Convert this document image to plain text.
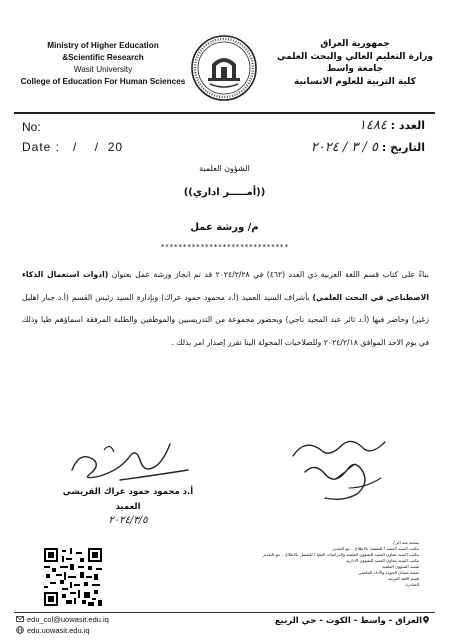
Ministry of Higher Education
&Scientific Research
Wasit University
College of Education For Human Sciences
جمهورية العراق
وزارة التعليم العالي والبحث العلمي
جامعة واسط
كلية التربية للعلوم الانسانية
No:
Date : / / 20
العدد : ١٤٨٤
التاريخ : ٥ / ٣ / ٢٠٢٤
الشؤون العلمية
((أمـــــر اداري))
م/ ورشة عمل
*****************************
بناءً على كتاب قسم اللغة العربية ذي العدد (٤٦٢) في ٢٠٢٤/٢/٢٨ قد تم انجاز ورشة عمل بعنوان (ادوات استعمال الذكاء الاصطناعي في البحث العلمي) بأشراف السيد العميد (أ.د محمود حمود عراك) وبإدارة السيد رئيس القسم (أ.د جبار اهليل زغير) وحاضر فيها (أ.د ثائر عبد المجيد ناجي) وبحضور مجموعة من التدريسيين والموظفين والطلبة المرفقة اسماؤهم طيا وذلك في يوم الاحد الموافق ٢٠٢٤/٢/١٨ وللصلاحيات المخولة الينا تقرر إصدار امر بذلك .
أ.د محمود حمود عراك القريشي
العميد
٢٠٢٤/٣/٥
نسخة منه الى/
مكتب السيد العميد / للتفضل بالاطلاع .. مع التقدير
مكتب السيد معاون العميد للشؤون العلمية والدراسات العليا / للتفضل بالاطلاع .. مع التقدير
مكتب السيد معاون العميد للشؤون الادارية
شعبة الشؤون العلمية
شعبة ضمان الجودة والأداء الجامعي
قسم اللغة العربية
الصادرة
edu_col@uowasit.edu.iq
edu.uowasit.edu.iq
العراق - واسط - الكوت - حي الربيع
